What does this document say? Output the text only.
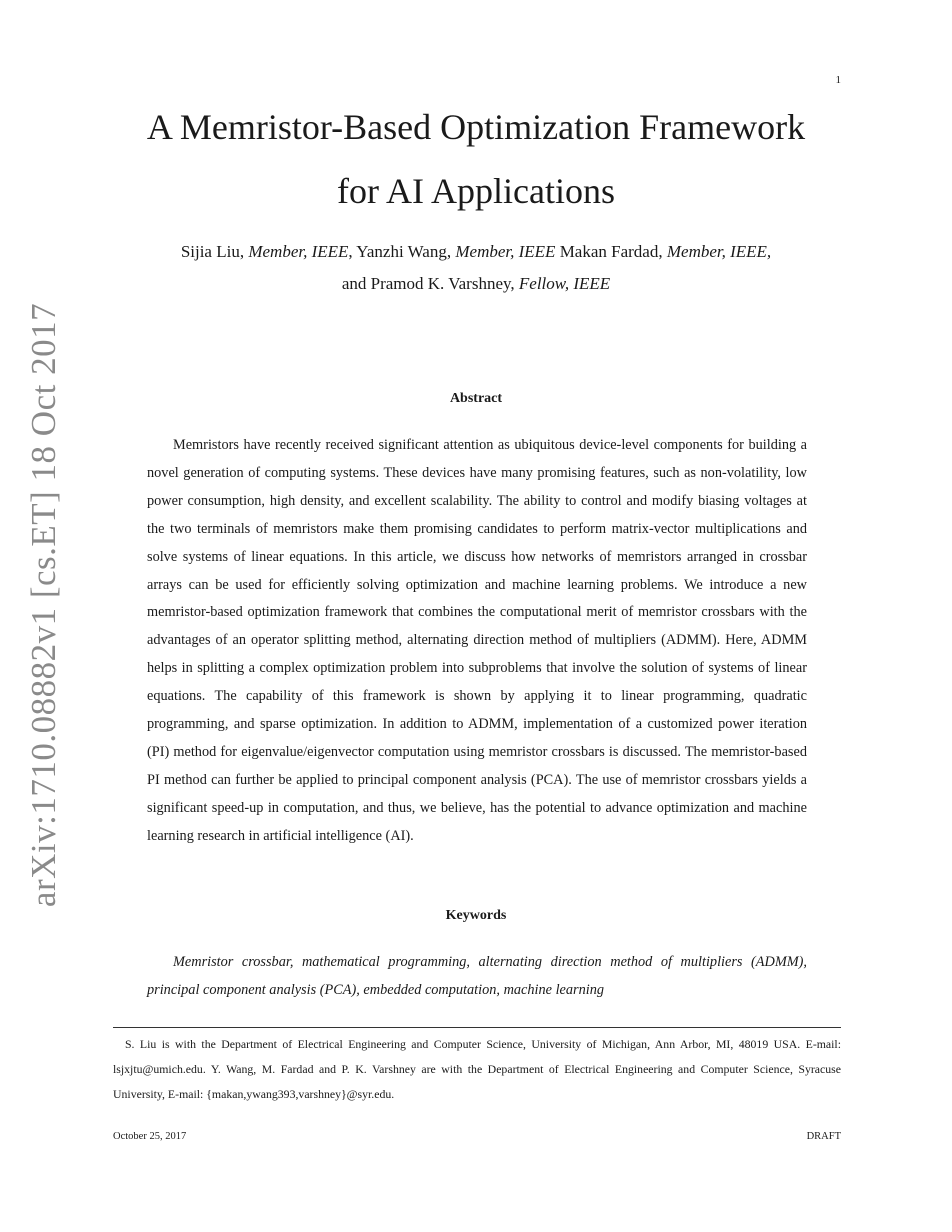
1
arXiv:1710.08882v1 [cs.ET] 18 Oct 2017
A Memristor-Based Optimization Framework
for AI Applications
Sijia Liu, Member, IEEE, Yanzhi Wang, Member, IEEE Makan Fardad, Member, IEEE,
and Pramod K. Varshney, Fellow, IEEE
Abstract

Memristors have recently received significant attention as ubiquitous device-level components for building a novel generation of computing systems. These devices have many promising features, such as non-volatility, low power consumption, high density, and excellent scalability. The ability to control and modify biasing voltages at the two terminals of memristors make them promising candidates to perform matrix-vector multiplications and solve systems of linear equations. In this article, we discuss how networks of memristors arranged in crossbar arrays can be used for efficiently solving optimization and machine learning problems. We introduce a new memristor-based optimization framework that combines the computational merit of memristor crossbars with the advantages of an operator splitting method, alternating direction method of multipliers (ADMM). Here, ADMM helps in splitting a complex optimization problem into subproblems that involve the solution of systems of linear equations. The capability of this framework is shown by applying it to linear programming, quadratic programming, and sparse optimization. In addition to ADMM, implementation of a customized power iteration (PI) method for eigenvalue/eigenvector computation using memristor crossbars is discussed. The memristor-based PI method can further be applied to principal component analysis (PCA). The use of memristor crossbars yields a significant speed-up in computation, and thus, we believe, has the potential to advance optimization and machine learning research in artificial intelligence (AI).

Keywords

Memristor crossbar, mathematical programming, alternating direction method of multipliers (ADMM), principal component analysis (PCA), embedded computation, machine learning

S. Liu is with the Department of Electrical Engineering and Computer Science, University of Michigan, Ann Arbor, MI, 48019 USA. E-mail: lsjxjtu@umich.edu. Y. Wang, M. Fardad and P. K. Varshney are with the Department of Electrical Engineering and Computer Science, Syracuse University, E-mail: {makan,ywang393,varshney}@syr.edu.

October 25, 2017	DRAFT
